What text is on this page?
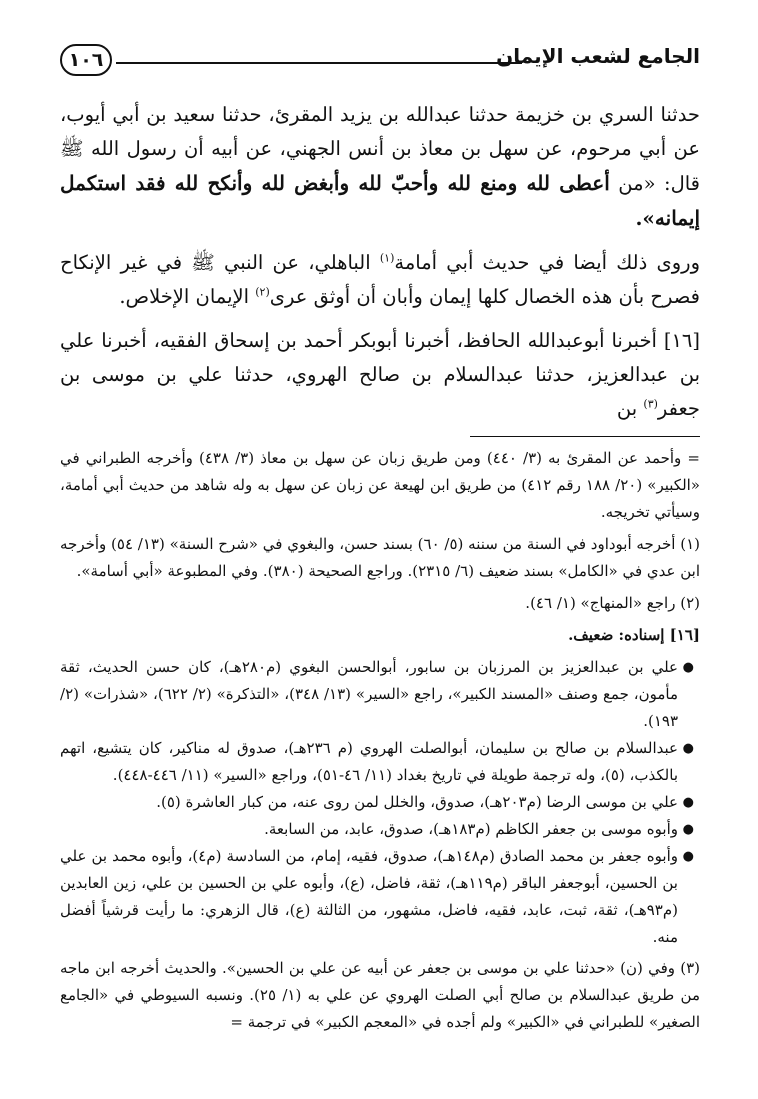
١٠٦	الجامع لشعب الإيمان

حدثنا السري بن خزيمة حدثنا عبدالله بن يزيد المقرئ، حدثنا سعيد بن أبي أيوب، عن أبي مرحوم، عن سهل بن معاذ بن أنس الجهني، عن أبيه أن رسول الله ﷺ قال: «من أعطى لله ومنع لله وأحبّ لله وأبغض لله وأنكح لله فقد استكمل إيمانه».

وروى ذلك أيضا في حديث أبي أمامة$^{(١)}$ الباهلي، عن النبي ﷺ في غير الإنكاح فصرح بأن هذه الخصال كلها إيمان وأبان أن أوثق عرى$^{(٢)}$ الإيمان الإخلاص.

[١٦] أخبرنا أبوعبدالله الحافظ، أخبرنا أبوبكر أحمد بن إسحاق الفقيه، أخبرنا علي بن عبدالعزيز، حدثنا عبدالسلام بن صالح الهروي، حدثنا علي بن موسى بن جعفر$^{(٣)}$ بن

= وأحمد عن المقرئ به (٣/ ٤٤٠) ومن طريق زبان عن سهل بن معاذ (٣/ ٤٣٨) وأخرجه الطبراني في «الكبير» (٢٠/ ١٨٨ رقم ٤١٢) من طريق ابن لهيعة عن زبان عن سهل به وله شاهد من حديث أبي أمامة، وسيأتي تخريجه.

(١) أخرجه أبوداود في السنة من سننه (٥/ ٦٠) بسند حسن، والبغوي في «شرح السنة» (١٣/ ٥٤) وأخرجه ابن عدي في «الكامل» بسند ضعيف (٦/ ٢٣١٥). وراجع الصحيحة (٣٨٠). وفي المطبوعة «أبي أسامة».

(٢) راجع «المنهاج» (١/ ٤٦).

[١٦] إسناده: ضعيف.

●
علي بن عبدالعزيز بن المرزبان بن سابور، أبوالحسن البغوي (م٢٨٠هـ)، كان حسن الحديث، ثقة مأمون، جمع وصنف «المسند الكبير»، راجع «السير» (١٣/ ٣٤٨)، «التذكرة» (٢/ ٦٢٢)، «شذرات» (٢/ ١٩٣).
●
عبدالسلام بن صالح بن سليمان، أبوالصلت الهروي (م ٢٣٦هـ)، صدوق له مناكير، كان يتشيع، اتهم بالكذب، (٥)، وله ترجمة طويلة في تاريخ بغداد (١١/ ٤٦-٥١)، وراجع «السير» (١١/ ٤٤٦-٤٤٨).
●
علي بن موسى الرضا (م٢٠٣هـ)، صدوق، والخلل لمن روى عنه، من كبار العاشرة (٥).
●
وأبوه موسى بن جعفر الكاظم (م١٨٣هـ)، صدوق، عابد، من السابعة.
●
وأبوه جعفر بن محمد الصادق (م١٤٨هـ)، صدوق، فقيه، إمام، من السادسة (م٤)، وأبوه محمد بن علي بن الحسين، أبوجعفر الباقر (م١١٩هـ)، ثقة، فاضل، (ع)، وأبوه علي بن الحسين بن علي، زين العابدين (م٩٣هـ)، ثقة، ثبت، عابد، فقيه، فاضل، مشهور، من الثالثة (ع)، قال الزهري: ما رأيت قرشياً أفضل منه.

(٣) وفي (ن) «حدثنا علي بن موسى بن جعفر عن أبيه عن علي بن الحسين». والحديث أخرجه ابن ماجه من طريق عبدالسلام بن صالح أبي الصلت الهروي عن علي به (١/ ٢٥). ونسبه السيوطي في «الجامع الصغير» للطبراني في «الكبير» ولم أجده في «المعجم الكبير» في ترجمة =
